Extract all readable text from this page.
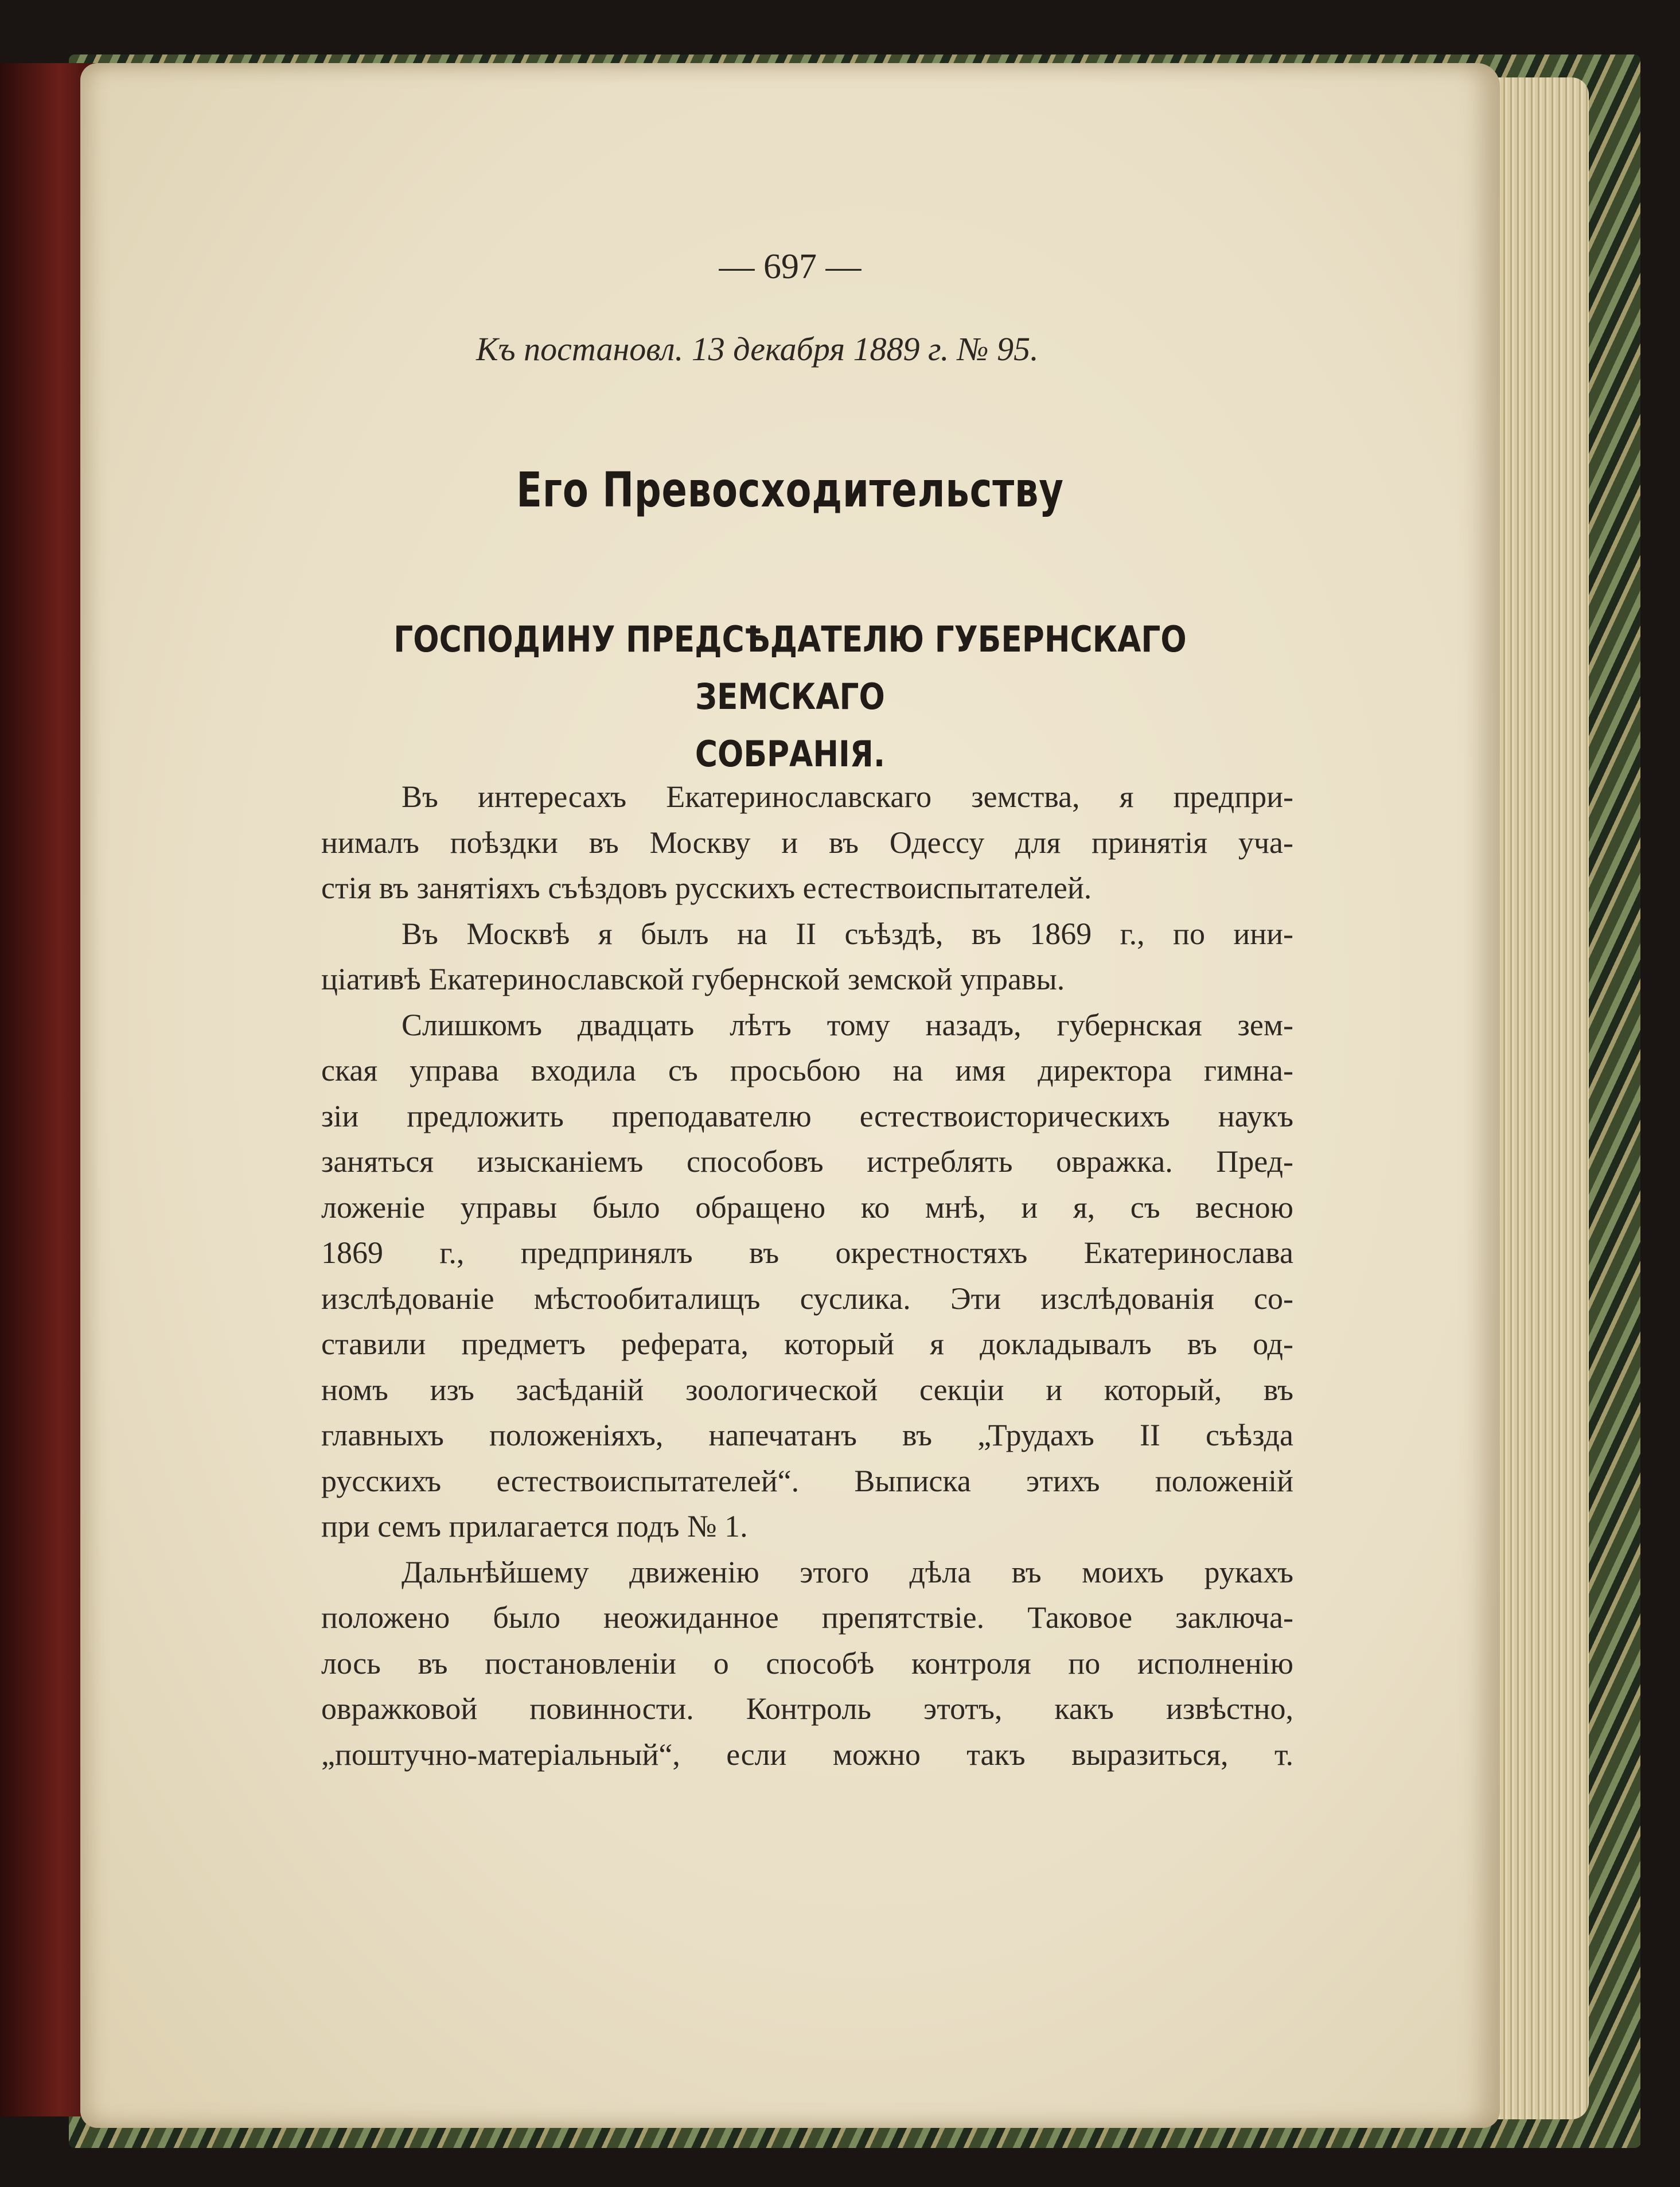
— 697 —
Къ постановл. 13 декабря 1889 г. № 95.
Его Превосходительству
ГОСПОДИНУ ПРЕДСѢДАТЕЛЮ ГУБЕРНСКАГО ЗЕМСКАГО
СОБРАНІЯ.
Въ интересахъ Екатеринославскаго земства, я предпри-
нималъ поѣздки въ Москву и въ Одессу для принятія уча-
стія въ занятіяхъ съѣздовъ русскихъ естествоиспытателей.
Въ Москвѣ я былъ на II съѣздѣ, въ 1869 г., по ини-
ціативѣ Екатеринославской губернской земской управы.
Слишкомъ двадцать лѣтъ тому назадъ, губернская зем-
ская управа входила съ просьбою на имя директора гимна-
зіи предложить преподавателю естествоисторическихъ наукъ
заняться изысканіемъ способовъ истреблять овражка. Пред-
ложеніе управы было обращено ко мнѣ, и я, съ весною
1869 г., предпринялъ въ окрестностяхъ Екатеринослава
изслѣдованіе мѣстообиталищъ суслика. Эти изслѣдованія со-
ставили предметъ реферата, который я докладывалъ въ од-
номъ изъ засѣданій зоологической секціи и который, въ
главныхъ положеніяхъ, напечатанъ въ „Трудахъ II съѣзда
русскихъ естествоиспытателей“. Выписка этихъ положеній
при семъ прилагается подъ № 1.
Дальнѣйшему движенію этого дѣла въ моихъ рукахъ
положено было неожиданное препятствіе. Таковое заключа-
лось въ постановленіи о способѣ контроля по исполненію
овражковой повинности. Контроль этотъ, какъ извѣстно,
„поштучно-матеріальный“, если можно такъ выразиться, т.
